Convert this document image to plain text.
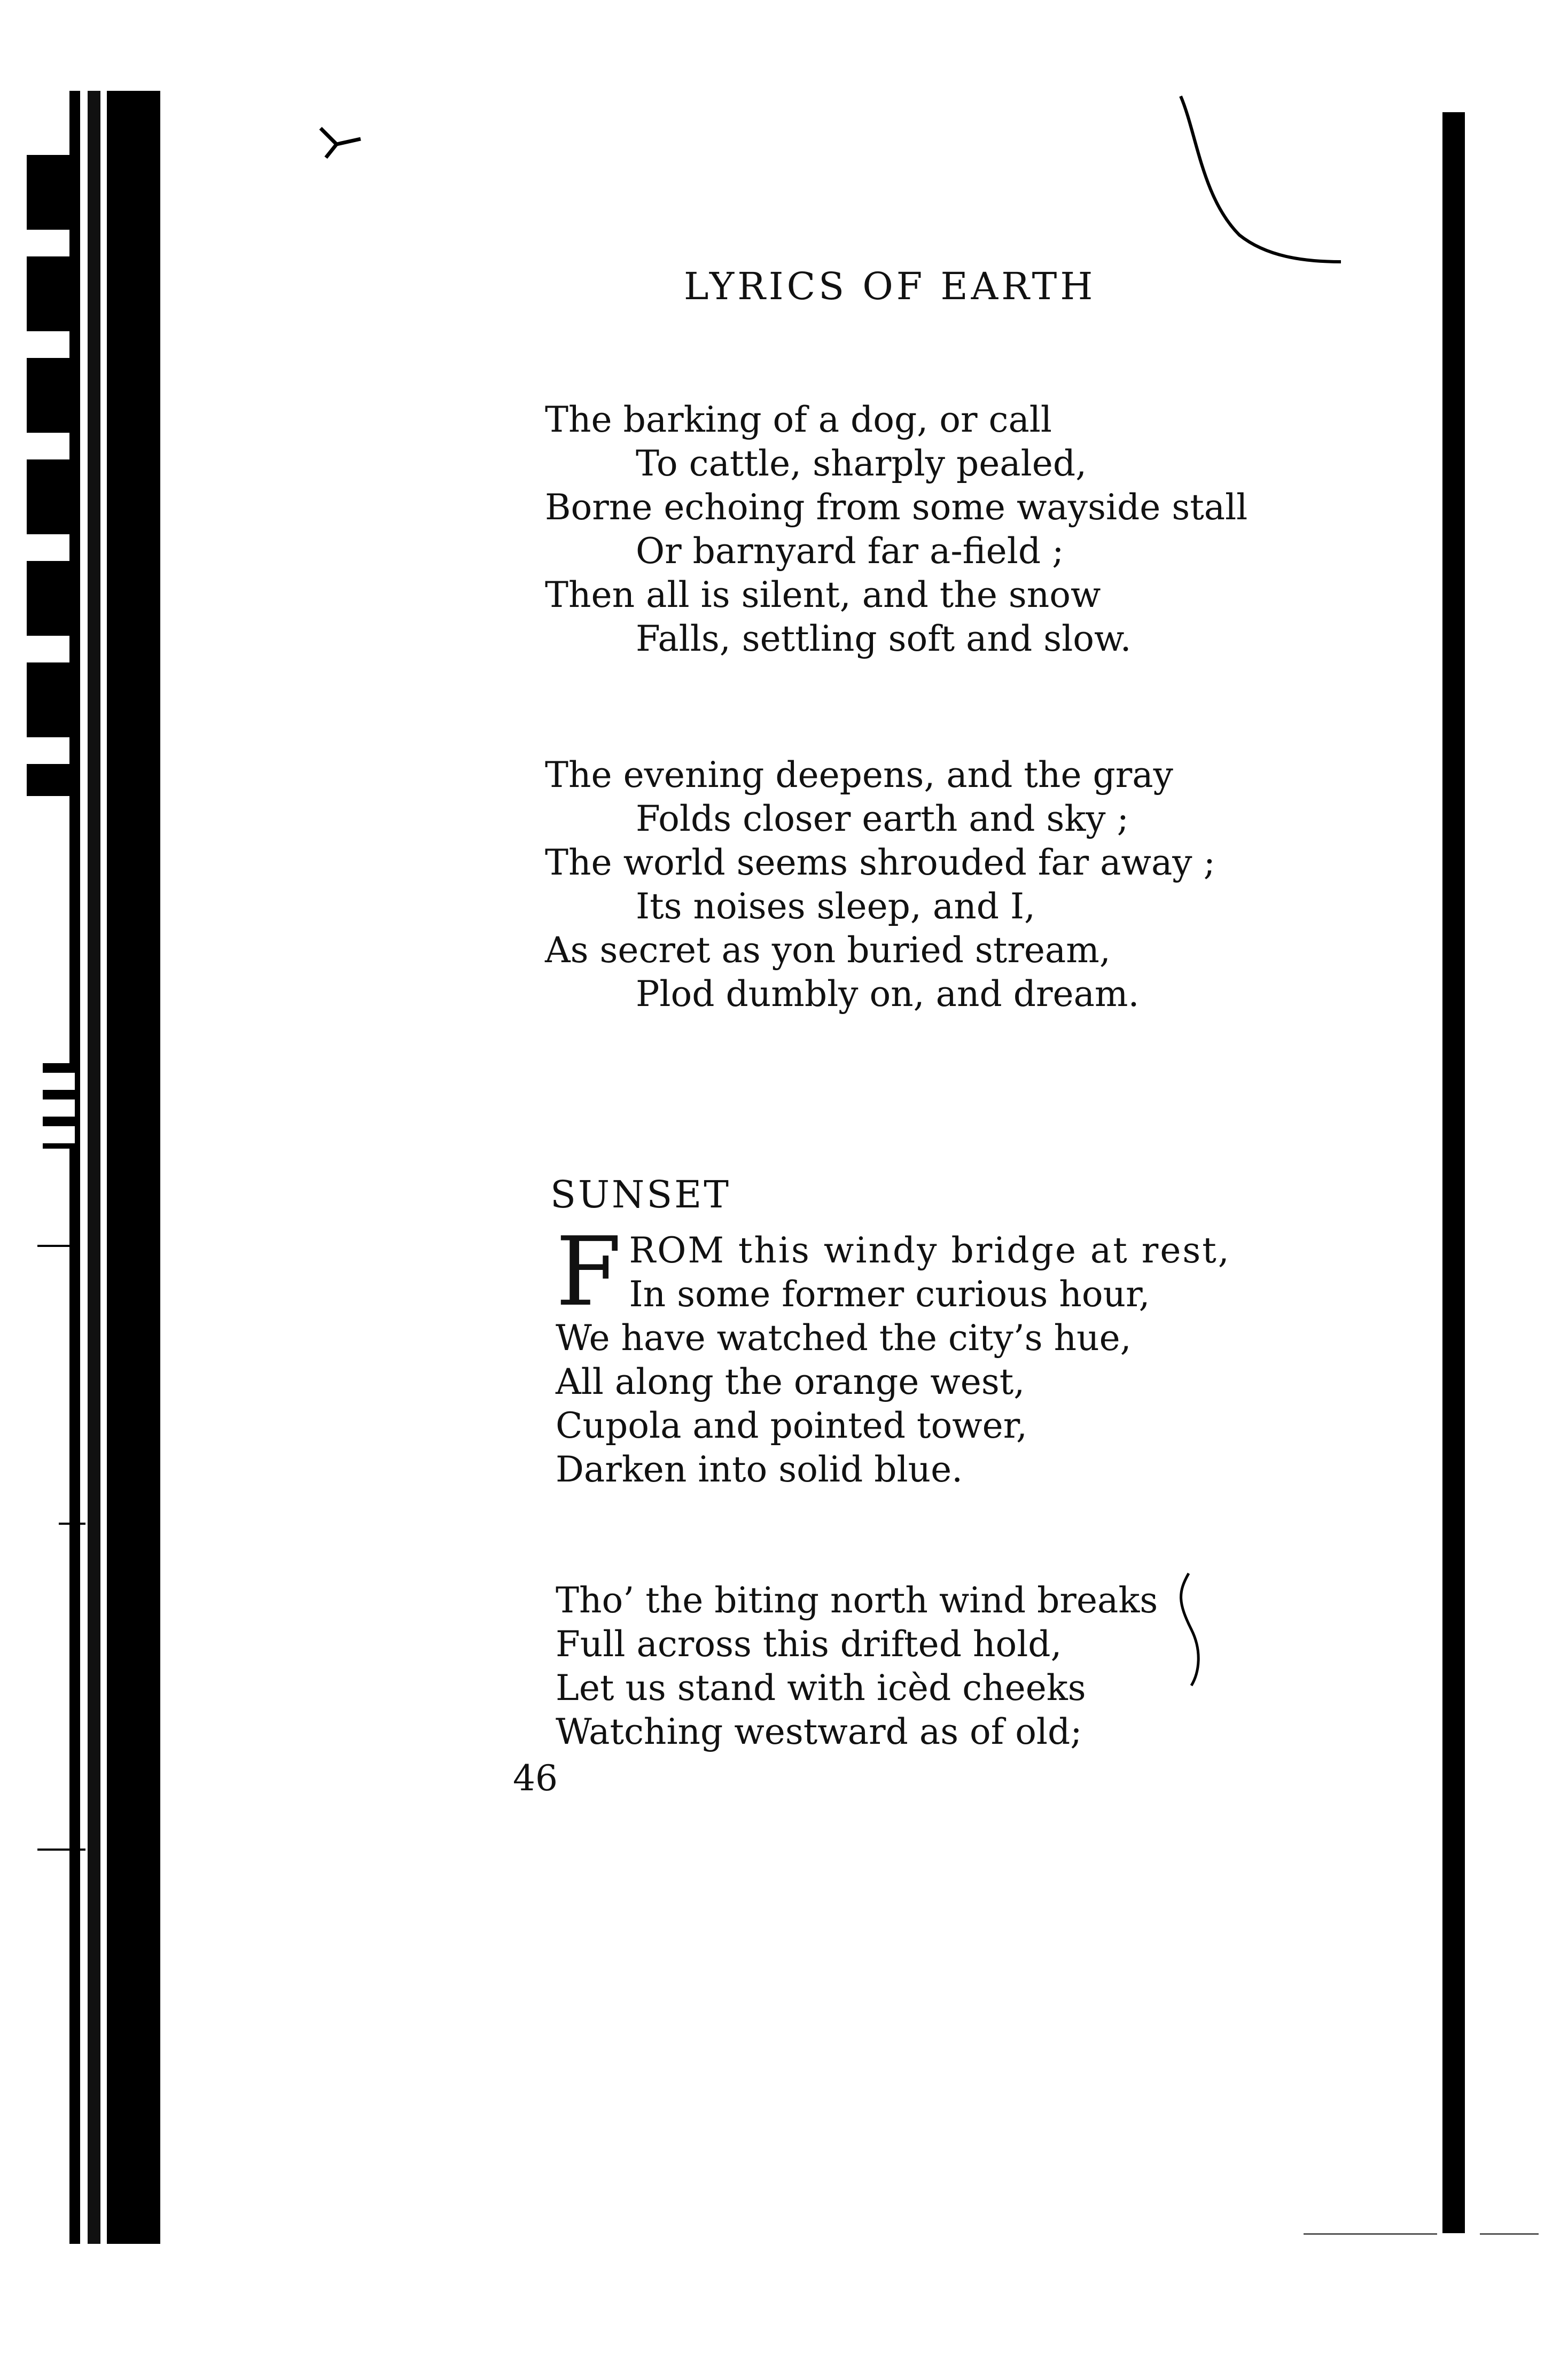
LYRICS OF EARTH

The barking of a dog, or call
To cattle, sharply pealed,
Borne echoing from some wayside stall
Or barnyard far a-field ;
Then all is silent, and the snow
Falls, settling soft and slow.

The evening deepens, and the gray
Folds closer earth and sky ;
The world seems shrouded far away ;
Its noises sleep, and I,
As secret as yon buried stream,
Plod dumbly on, and dream.

SUNSET

F ROM this windy bridge at rest,
In some former curious hour,
We have watched the city’s hue,
All along the orange west,
Cupola and pointed tower,
Darken into solid blue.

Tho’ the biting north wind breaks
Full across this drifted hold,
Let us stand with icèd cheeks
Watching westward as of old;

46
